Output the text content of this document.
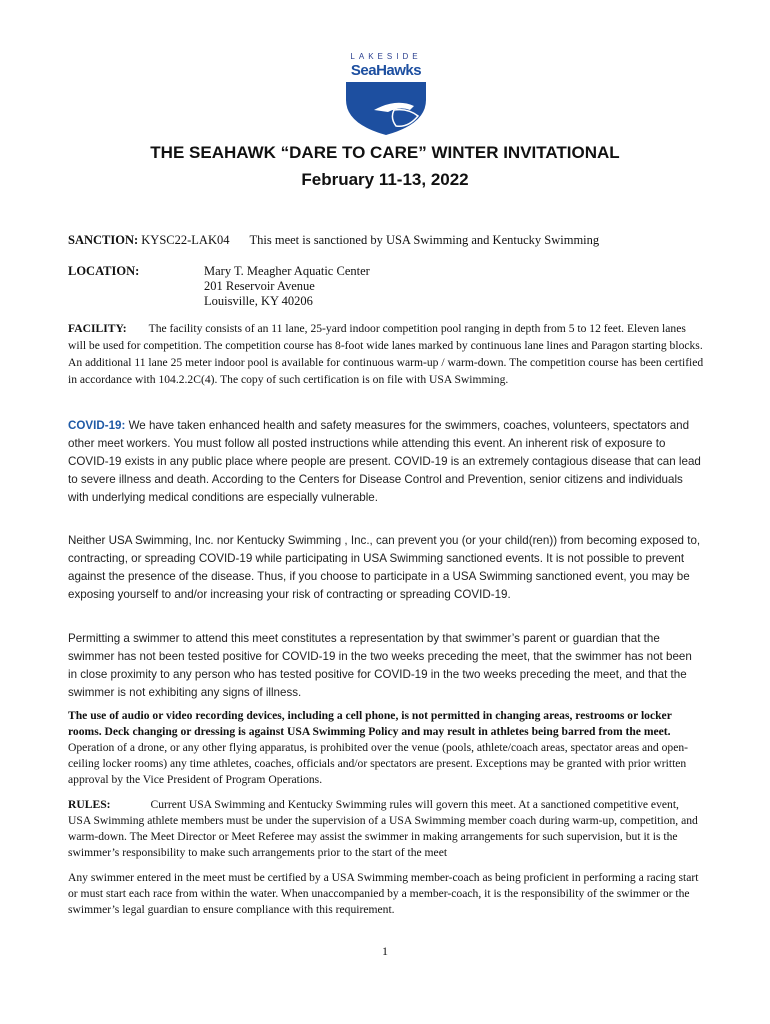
LAKESIDE
SeaHawks
THE SEAHAWK “DARE TO CARE” WINTER INVITATIONAL
February 11-13, 2022
SANCTION: KYSC22-LAK04 This meet is sanctioned by USA Swimming and Kentucky Swimming
LOCATION:	Mary T. Meagher Aquatic Center
201 Reservoir Avenue
Louisville, KY 40206

FACILITY: The facility consists of an 11 lane, 25-yard indoor competition pool ranging in depth from 5 to 12 feet. Eleven lanes will be used for competition. The competition course has 8-foot wide lanes marked by continuous lane lines and Paragon starting blocks. An additional 11 lane 25 meter indoor pool is available for continuous warm-up / warm-down. The competition course has been certified in accordance with 104.2.2C(4). The copy of such certification is on file with USA Swimming.

COVID-19: We have taken enhanced health and safety measures for the swimmers, coaches, volunteers, spectators and other meet workers. You must follow all posted instructions while attending this event. An inherent risk of exposure to COVID-19 exists in any public place where people are present. COVID-19 is an extremely contagious disease that can lead to severe illness and death. According to the Centers for Disease Control and Prevention, senior citizens and individuals with underlying medical conditions are especially vulnerable.

Neither USA Swimming, Inc. nor Kentucky Swimming , Inc., can prevent you (or your child(ren)) from becoming exposed to, contracting, or spreading COVID-19 while participating in USA Swimming sanctioned events. It is not possible to prevent against the presence of the disease. Thus, if you choose to participate in a USA Swimming sanctioned event, you may be exposing yourself to and/or increasing your risk of contracting or spreading COVID-19.

Permitting a swimmer to attend this meet constitutes a representation by that swimmer’s parent or guardian that the swimmer has not been tested positive for COVID-19 in the two weeks preceding the meet, that the swimmer has not been in close proximity to any person who has tested positive for COVID-19 in the two weeks preceding the meet, and that the swimmer is not exhibiting any signs of illness.

The use of audio or video recording devices, including a cell phone, is not permitted in changing areas, restrooms or locker rooms. Deck changing or dressing is against USA Swimming Policy and may result in athletes being barred from the meet. Operation of a drone, or any other flying apparatus, is prohibited over the venue (pools, athlete/coach areas, spectator areas and open-ceiling locker rooms) any time athletes, coaches, officials and/or spectators are present. Exceptions may be granted with prior written approval by the Vice President of Program Operations.

RULES:	Current USA Swimming and Kentucky Swimming rules will govern this meet. At a sanctioned competitive event, USA Swimming athlete members must be under the supervision of a USA Swimming member coach during warm-up, competition, and warm-down. The Meet Director or Meet Referee may assist the swimmer in making arrangements for such supervision, but it is the swimmer’s responsibility to make such arrangements prior to the start of the meet

Any swimmer entered in the meet must be certified by a USA Swimming member-coach as being proficient in performing a racing start or must start each race from within the water. When unaccompanied by a member-coach, it is the responsibility of the swimmer or the swimmer’s legal guardian to ensure compliance with this requirement.

1
